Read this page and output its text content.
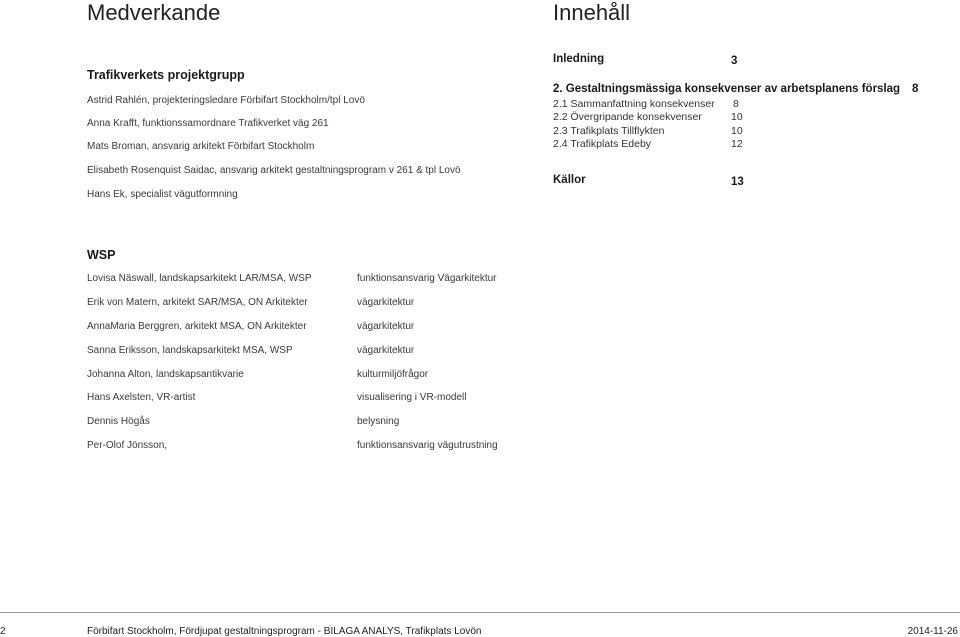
Medverkande
Trafikverkets projektgrupp
Astrid Rahlén, projekteringsledare Förbifart Stockholm/tpl Lovö
Anna Krafft, funktionssamordnare Trafikverket väg 261
Mats Broman, ansvarig arkitekt Förbifart Stockholm
Elisabeth Rosenquist Saidac, ansvarig arkitekt gestaltningsprogram v 261 & tpl Lovö
Hans Ek, specialist vägutformning
WSP
Lovisa Näswall, landskapsarkitekt LAR/MSA, WSP	funktionsansvarig Vägarkitektur
Erik von Matern, arkitekt SAR/MSA, ON Arkitekter	vägarkitektur
AnnaMaria Berggren, arkitekt MSA, ON Arkitekter	vägarkitektur
Sanna Eriksson, landskapsarkitekt MSA, WSP	vägarkitektur
Johanna Alton, landskapsantikvarie	kulturmiljöfrågor
Hans Axelsten, VR-artist	visualisering i VR-modell
Dennis Högås	belysning
Per-Olof Jönsson,	funktionsansvarig vägutrustning
Innehåll
Inledning	3
2. Gestaltningsmässiga konsekvenser av arbetsplanens förslag 8
2.1 Sammanfattning konsekvenser 8
2.2 Övergripande konsekvenser	10
2.3 Trafikplats Tillflykten	10
2.4 Trafikplats Edeby	12
Källor	13
2	Förbifart Stockholm, Fördjupat gestaltningsprogram - BILAGA ANALYS, Trafikplats Lovön	2014-11-26
